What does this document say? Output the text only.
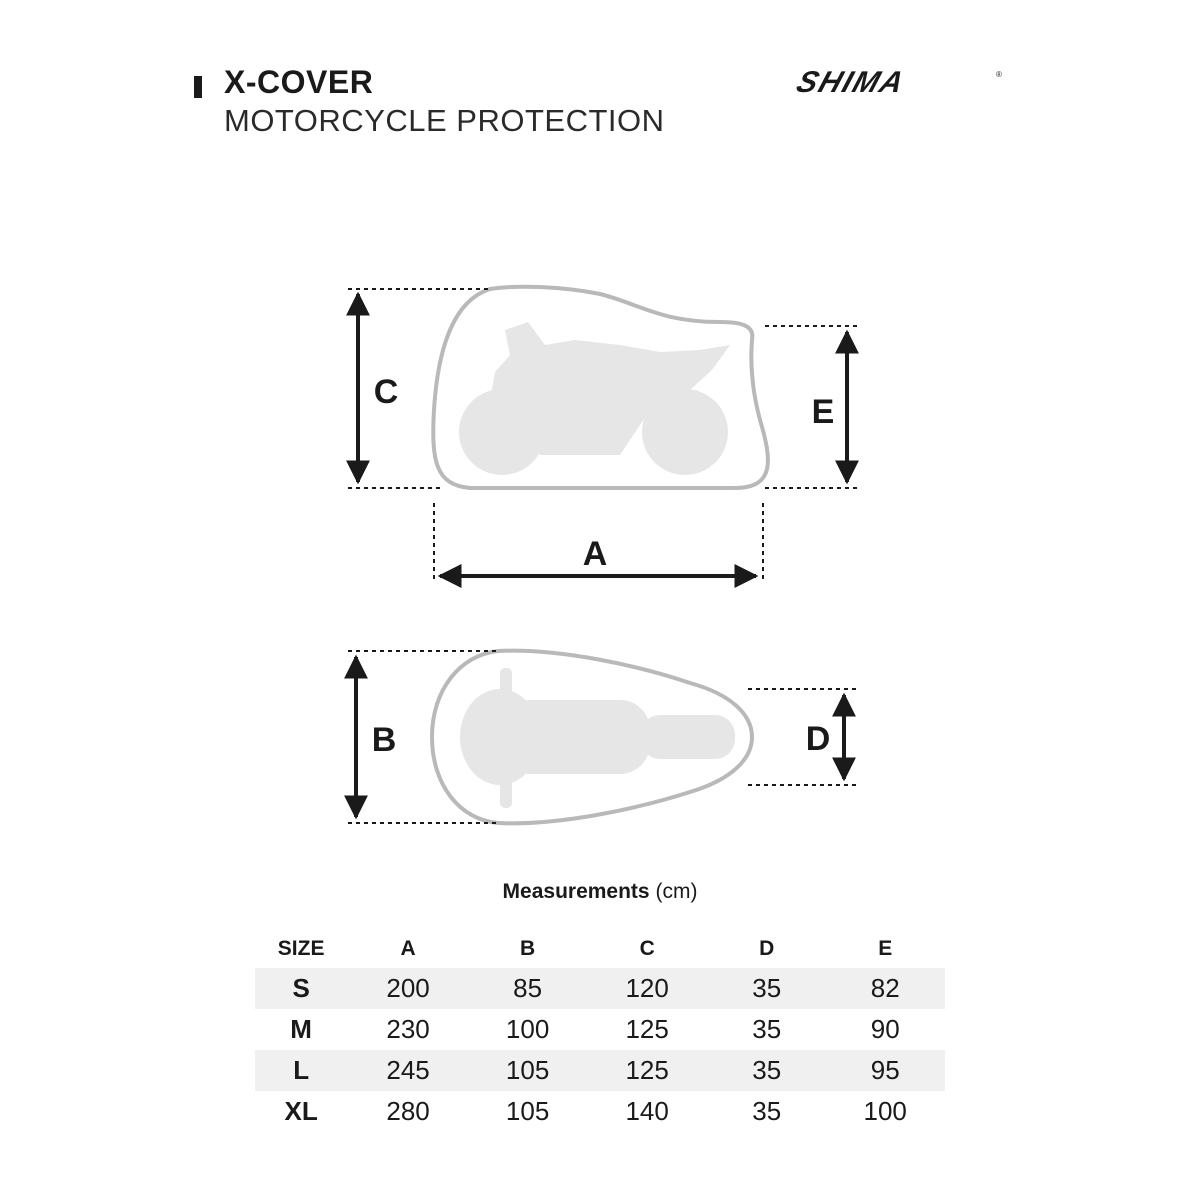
X-COVER
MOTORCYCLE PROTECTION
SHIMA	®
C
E
A
B	D
Measurements (cm)
SIZE	A	B	C	D	E
S	200	85	120	35	82
M	230	100	125	35	90
L	245	105	125	35	95
XL	280	105	140	35	100
